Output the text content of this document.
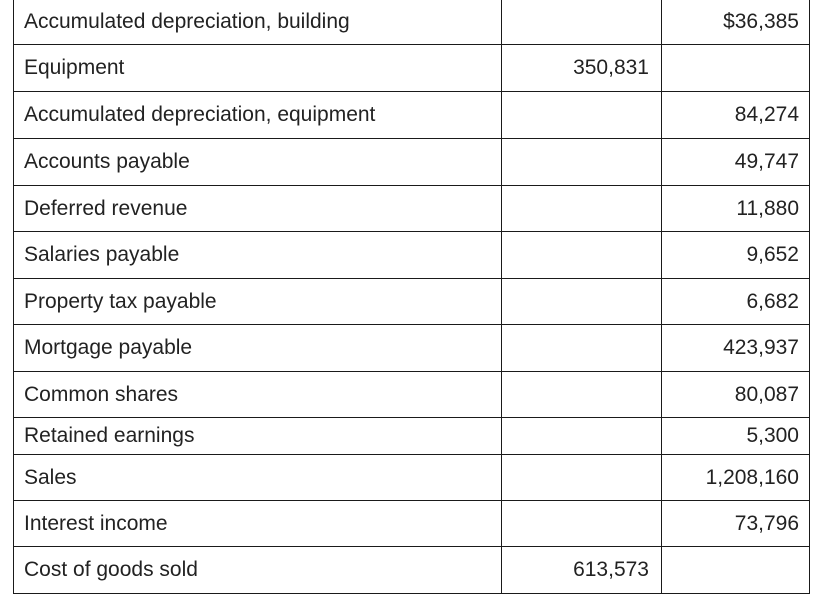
Accumulated depreciation, building		$36,385
Equipment	350,831	
Accumulated depreciation, equipment		84,274
Accounts payable		49,747
Deferred revenue		11,880
Salaries payable		9,652
Property tax payable		6,682
Mortgage payable		423,937
Common shares		80,087
Retained earnings		5,300
Sales		1,208,160
Interest income		73,796
Cost of goods sold	613,573	
